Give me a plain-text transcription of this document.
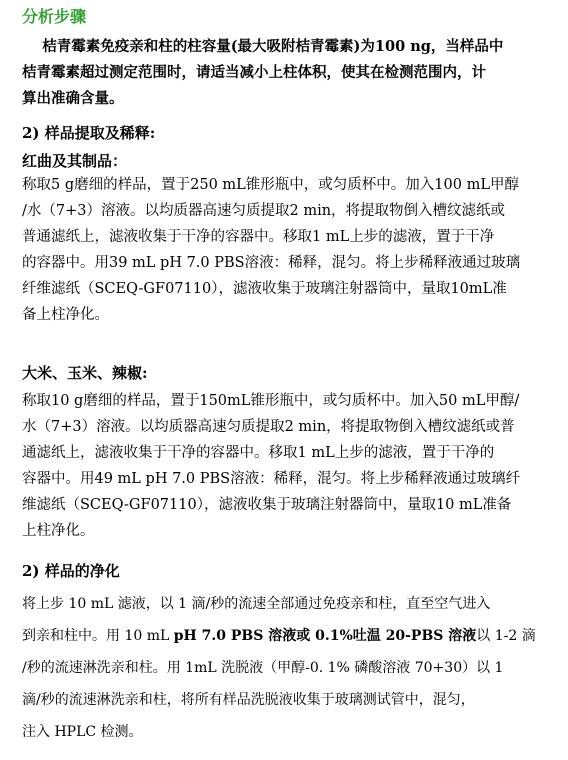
分析步骤
桔青霉素免疫亲和柱的柱容量(最大吸附桔青霉素)为100 ng，当样品中
桔青霉素超过测定范围时，请适当减小上柱体积，使其在检测范围内，计
算出准确含量。
2) 样品提取及稀释:
红曲及其制品：
称取5 g磨细的样品，置于250 mL锥形瓶中，或匀质杯中。加入100 mL甲醇
/水（7+3）溶液。以均质器高速匀质提取2 min，将提取物倒入槽纹滤纸或
普通滤纸上，滤液收集于干净的容器中。移取1 mL上步的滤液，置于干净
的容器中。用39 mL pH 7.0 PBS溶液：稀释，混匀。将上步稀释液通过玻璃
纤维滤纸（SCEQ-GF07110），滤液收集于玻璃注射器筒中，量取10mL准
备上柱净化。
大米、玉米、辣椒:
称取10 g磨细的样品，置于150mL锥形瓶中，或匀质杯中。加入50 mL甲醇/
水（7+3）溶液。以均质器高速匀质提取2 min，将提取物倒入槽纹滤纸或普
通滤纸上，滤液收集于干净的容器中。移取1 mL上步的滤液，置于干净的
容器中。用49 mL pH 7.0 PBS溶液：稀释，混匀。将上步稀释液通过玻璃纤
维滤纸（SCEQ-GF07110），滤液收集于玻璃注射器筒中，量取10 mL准备
上柱净化。
2) 样品的净化
将上步 10 mL 滤液，以 1 滴/秒的流速全部通过免疫亲和柱，直至空气进入
到亲和柱中。用 10 mL pH 7.0 PBS 溶液或 0.1%吐温 20-PBS 溶液以 1-2 滴
/秒的流速淋洗亲和柱。用 1mL 洗脱液（甲醇-0. 1% 磷酸溶液 70+30）以 1
滴/秒的流速淋洗亲和柱，将所有样品洗脱液收集于玻璃测试管中，混匀，
注入 HPLC 检测。
